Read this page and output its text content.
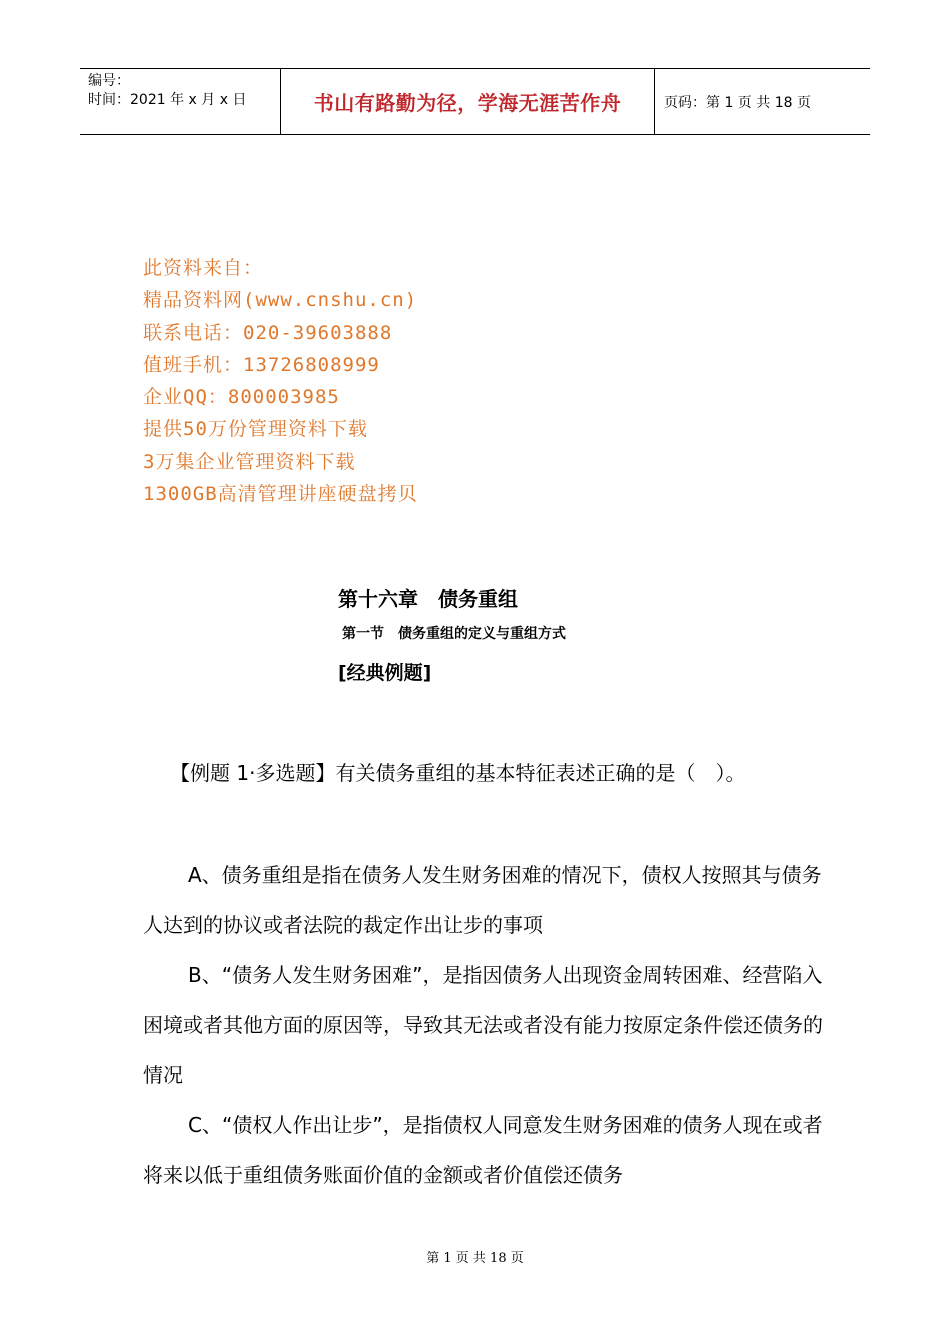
编号：
时间：2021 年 x 月 x 日	书山有路勤为径，学海无涯苦作舟	页码：第 1 页 共 18 页
此资料来自：
精品资料网(www.cnshu.cn)
联系电话：020-39603888
值班手机：13726808999
企业QQ：800003985
提供50万份管理资料下载
3万集企业管理资料下载
1300GB高清管理讲座硬盘拷贝
第十六章　债务重组
第一节　债务重组的定义与重组方式
[经典例题]
【例题 1·多选题】有关债务重组的基本特征表述正确的是（　）。

A、债务重组是指在债务人发生财务困难的情况下，债权人按照其与债务人达到的协议或者法院的裁定作出让步的事项

B、“债务人发生财务困难”，是指因债务人出现资金周转困难、经营陷入困境或者其他方面的原因等，导致其无法或者没有能力按原定条件偿还债务的情况

C、“债权人作出让步”，是指债权人同意发生财务困难的债务人现在或者将来以低于重组债务账面价值的金额或者价值偿还债务

第 1 页 共 18 页
